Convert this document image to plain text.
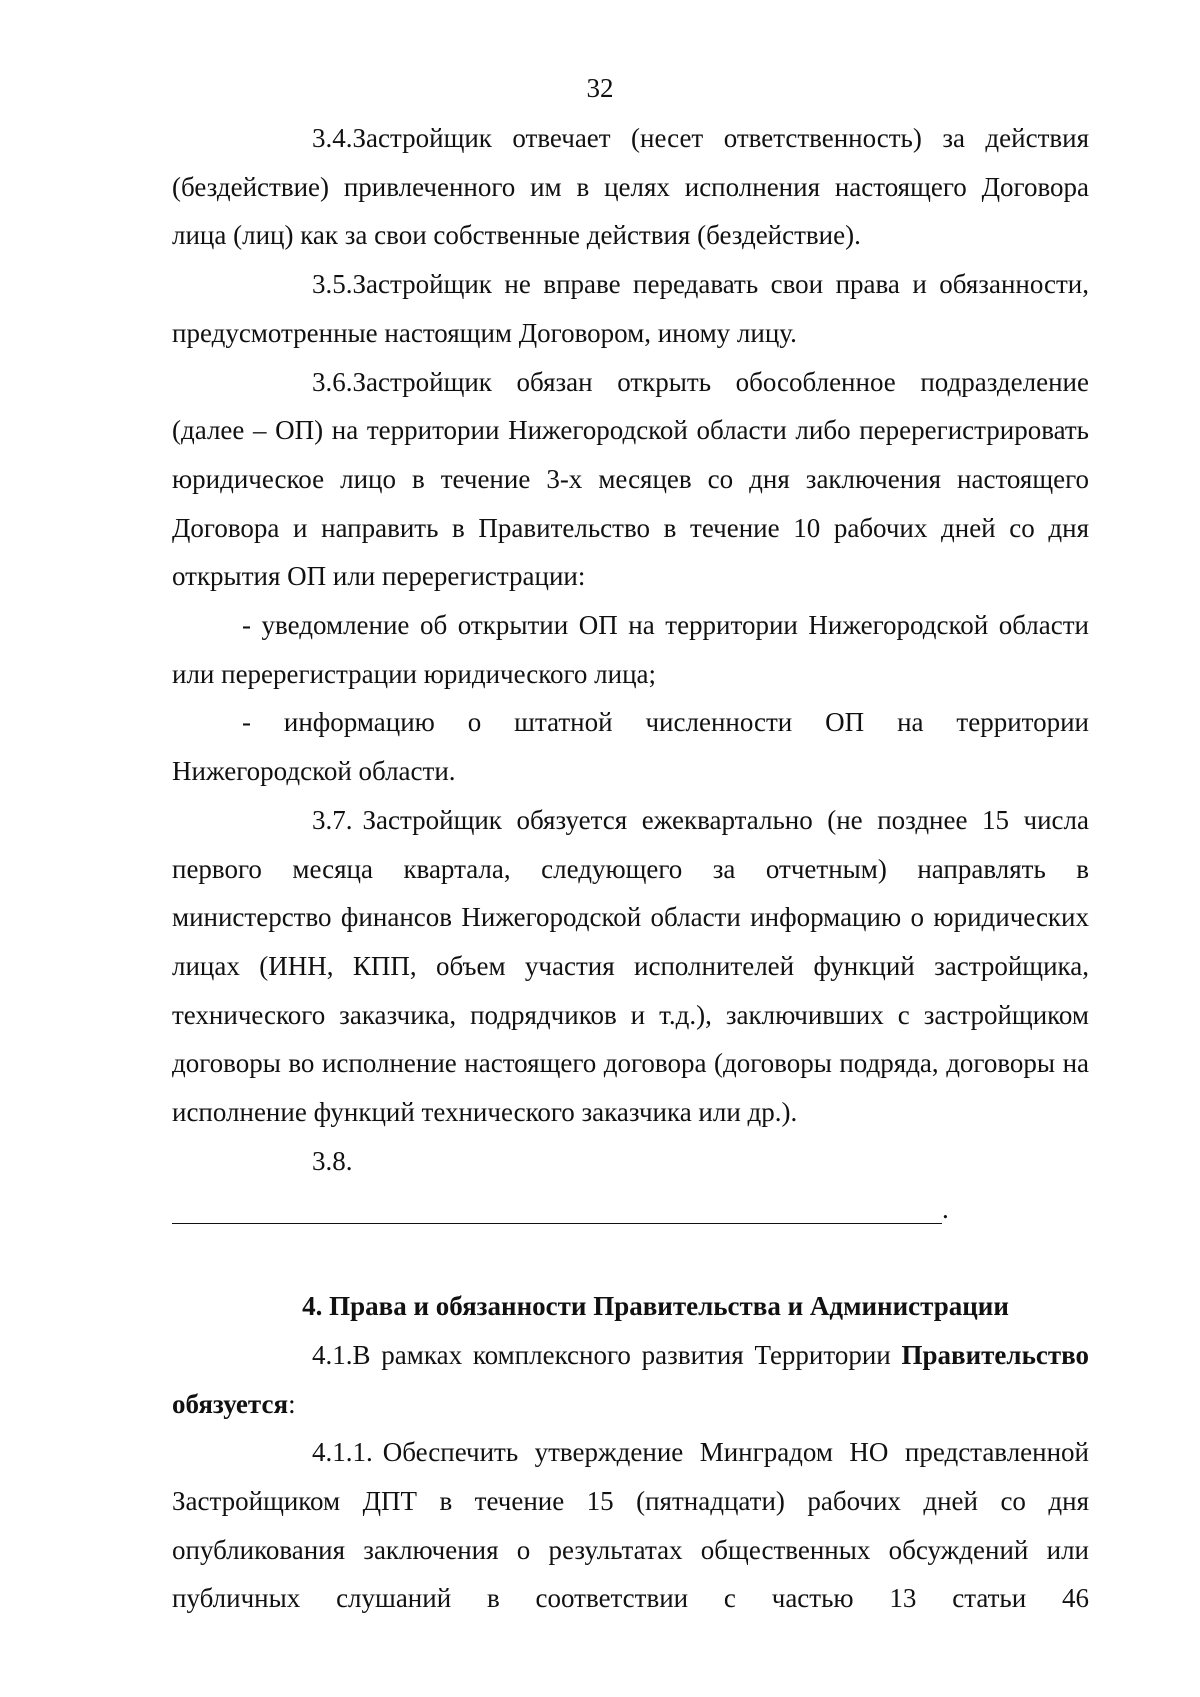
32

3.4.Застройщик отвечает (несет ответственность) за действия (бездействие) привлеченного им в целях исполнения настоящего Договора лица (лиц) как за свои собственные действия (бездействие).

3.5.Застройщик не вправе передавать свои права и обязанности, предусмотренные настоящим Договором, иному лицу.

3.6.Застройщик обязан открыть обособленное подразделение (далее – ОП) на территории Нижегородской области либо перерегистрировать юридическое лицо в течение 3-х месяцев со дня заключения настоящего Договора и направить в Правительство в течение 10 рабочих дней со дня открытия ОП или перерегистрации:

- уведомление об открытии ОП на территории Нижегородской области или перерегистрации юридического лица;

- информацию о штатной численности ОП на территории Нижегородской области.

3.7. Застройщик обязуется ежеквартально (не позднее 15 числа первого месяца квартала, следующего за отчетным) направлять в министерство финансов Нижегородской области информацию о юридических лицах (ИНН, КПП, объем участия исполнителей функций застройщика, технического заказчика, подрядчиков и т.д.), заключивших с застройщиком договоры во исполнение настоящего договора (договоры подряда, договоры на исполнение функций технического заказчика или др.).

3.8..

4. Права и обязанности Правительства и Администрации

4.1.В рамках комплексного развития Территории Правительство обязуется:

4.1.1. Обеспечить утверждение Минградом НО представленной Застройщиком ДПТ в течение 15 (пятнадцати) рабочих дней со дня опубликования заключения о результатах общественных обсуждений или публичных слушаний в соответствии с частью 13 статьи 46
